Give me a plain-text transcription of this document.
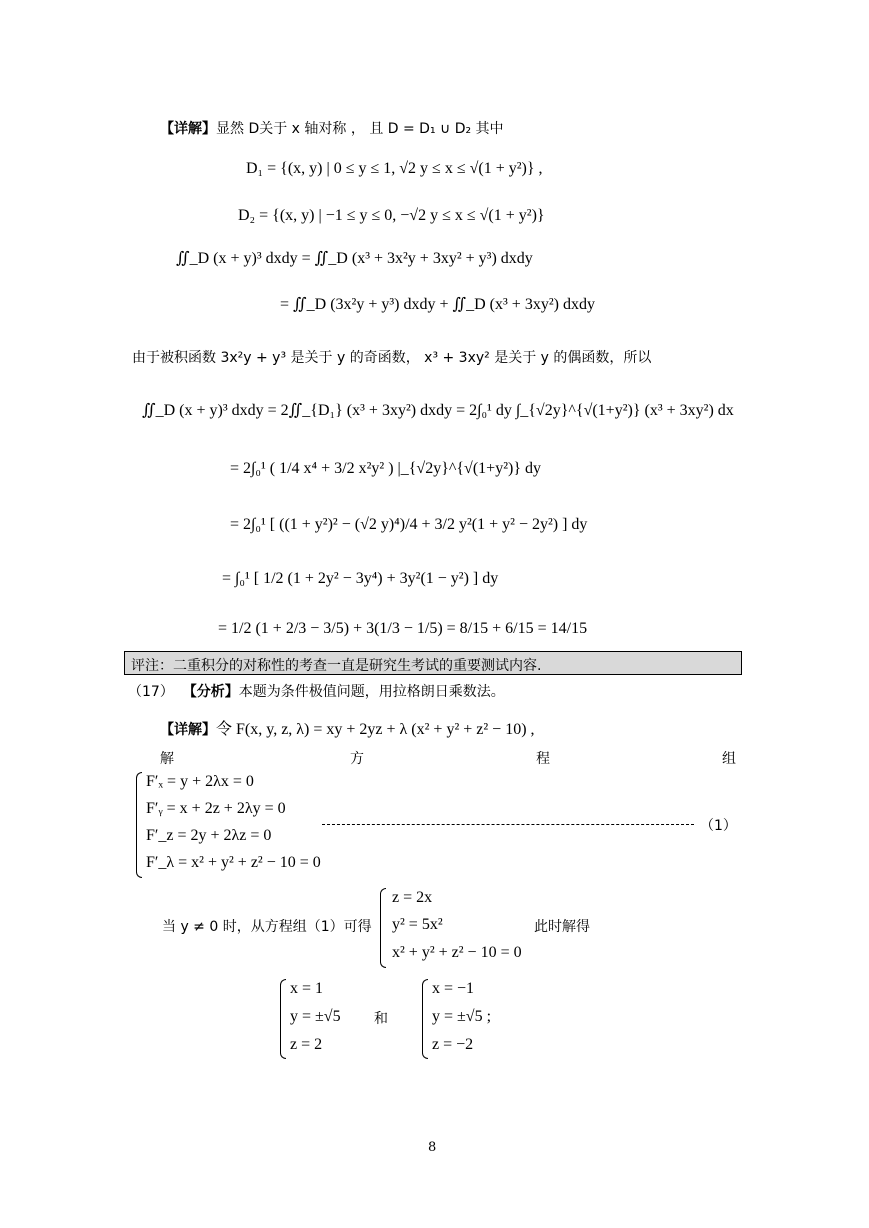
【详解】显然 D关于 x 轴对称 ， 且 D = D₁ ∪ D₂ 其中
D₁ = {(x, y) | 0 ≤ y ≤ 1, √2 y ≤ x ≤ √(1 + y²)} ,
D₂ = {(x, y) | −1 ≤ y ≤ 0, −√2 y ≤ x ≤ √(1 + y²)}
∬_D (x + y)³ dxdy = ∬_D (x³ + 3x²y + 3xy² + y³) dxdy
= ∬_D (3x²y + y³) dxdy + ∬_D (x³ + 3xy²) dxdy
由于被积函数 3x²y + y³ 是关于 y 的奇函数， x³ + 3xy² 是关于 y 的偶函数，所以
∬_D (x + y)³ dxdy = 2∬_{D₁} (x³ + 3xy²) dxdy = 2∫₀¹ dy ∫_{√2y}^{√(1+y²)} (x³ + 3xy²) dx
= 2∫₀¹ ( 1/4 x⁴ + 3/2 x²y² ) |_{√2y}^{√(1+y²)} dy
= 2∫₀¹ [ ((1 + y²)² − (√2 y)⁴)/4 + 3/2 y²(1 + y² − 2y²) ] dy
= ∫₀¹ [ 1/2 (1 + 2y² − 3y⁴) + 3y²(1 − y²) ] dy
= 1/2 (1 + 2/3 − 3/5) + 3(1/3 − 1/5) = 8/15 + 6/15 = 14/15
评注：二重积分的对称性的考查一直是研究生考试的重要测试内容.
（17） 【分析】本题为条件极值问题，用拉格朗日乘数法。
【详解】令 F(x, y, z, λ) = xy + 2yz + λ (x² + y² + z² − 10) ,
解	方	程	组
F′ₓ = y + 2λx = 0
F′ᵧ = x + 2z + 2λy = 0
F′_z = 2y + 2λz = 0
F′_λ = x² + y² + z² − 10 = 0
（1）
当 y ≠ 0 时，从方程组（1）可得
z = 2x
y² = 5x²
x² + y² + z² − 10 = 0
此时解得
x = 1
y = ±√5
z = 2
和
x = −1
y = ±√5 ;
z = −2
8
